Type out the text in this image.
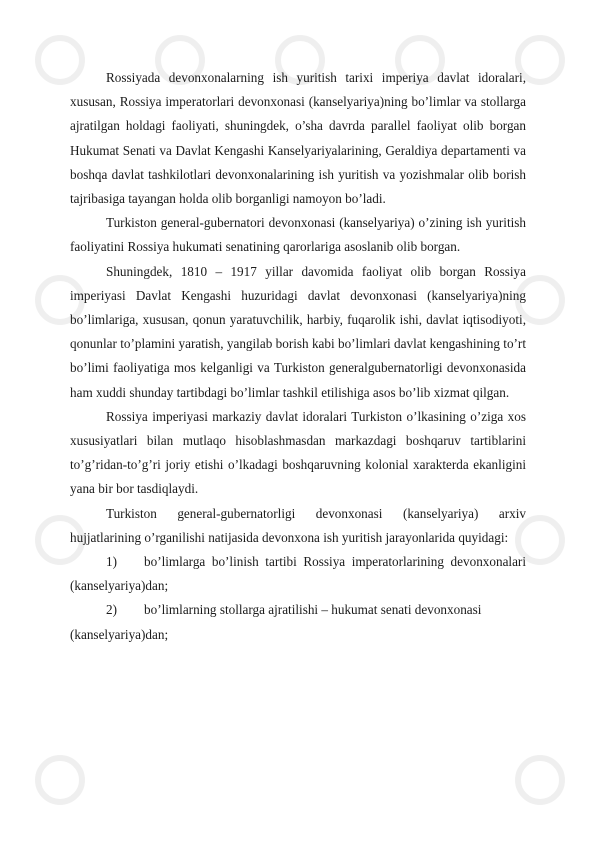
Rossiyada devonxonalarning ish yuritish tarixi imperiya davlat idoralari, xususan, Rossiya imperatorlari devonxonasi (kanselyariya)ning bo’limlar va stollarga ajratilgan holdagi faoliyati, shuningdek, o’sha davrda parallel faoliyat olib borgan Hukumat Senati va Davlat Kengashi Kanselyariyalarining, Geraldiya departamenti va boshqa davlat tashkilotlari devonxonalarining ish yuritish va yozishmalar olib borish tajribasiga tayangan holda olib borganligi namoyon bo’ladi.

Turkiston general-gubernatori devonxonasi (kanselyariya) o’zining ish yuritish faoliyatini Rossiya hukumati senatining qarorlariga asoslanib olib borgan.

Shuningdek, 1810 – 1917 yillar davomida faoliyat olib borgan Rossiya imperiyasi Davlat Kengashi huzuridagi davlat devonxonasi (kanselyariya)ning bo’limlariga, xususan, qonun yaratuvchilik, harbiy, fuqarolik ishi, davlat iqtisodiyoti, qonunlar to’plamini yaratish, yangilab borish kabi bo’limlari davlat kengashining to’rt bo’limi faoliyatiga mos kelganligi va Turkiston generalgubernatorligi devonxonasida ham xuddi shunday tartibdagi bo’limlar tashkil etilishiga asos bo’lib xizmat qilgan.

Rossiya imperiyasi markaziy davlat idoralari Turkiston o’lkasining o’ziga xos xususiyatlari bilan mutlaqo hisoblashmasdan markazdagi boshqaruv tartiblarini to’g’ridan-to’g’ri joriy etishi o’lkadagi boshqaruvning kolonial xarakterda ekanligini yana bir bor tasdiqlaydi.

Turkiston general-gubernatorligi devonxonasi (kanselyariya) arxiv hujjatlarining o’rganilishi natijasida devonxona ish yuritish jarayonlarida quyidagi:

1) bo’limlarga bo’linish tartibi Rossiya imperatorlarining devonxonalari (kanselyariya)dan;

2) bo’limlarning stollarga ajratilishi – hukumat senati devonxonasi (kanselyariya)dan;
